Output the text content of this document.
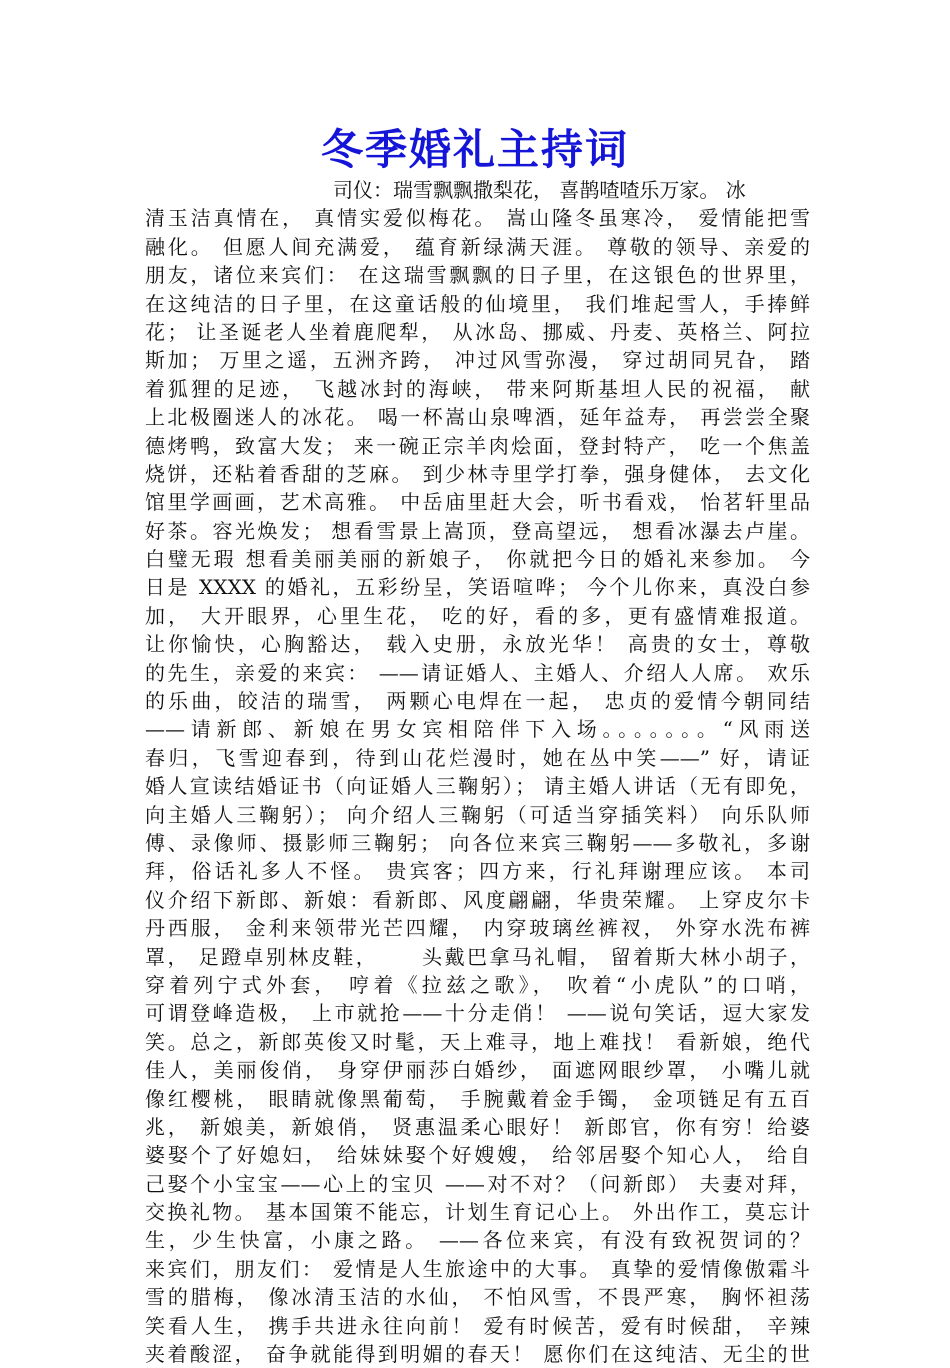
冬季婚礼主持词
司仪：瑞雪飘飘撒梨花， 喜鹊喳喳乐万家。 冰
清玉洁真情在， 真情实爱似梅花。 嵩山隆冬虽寒冷， 爱情能把雪
融化。 但愿人间充满爱， 蕴育新绿满天涯。 尊敬的领导、亲爱的
朋友，诸位来宾们： 在这瑞雪飘飘的日子里，在这银色的世界里，
在这纯洁的日子里，在这童话般的仙境里， 我们堆起雪人，手捧鲜
花； 让圣诞老人坐着鹿爬犁， 从冰岛、挪威、丹麦、英格兰、阿拉
斯加； 万里之遥，五洲齐跨， 冲过风雪弥漫， 穿过胡同旯旮， 踏
着狐狸的足迹， 飞越冰封的海峡， 带来阿斯基坦人民的祝福， 献
上北极圈迷人的冰花。 喝一杯嵩山泉啤酒，延年益寿， 再尝尝全聚
德烤鸭，致富大发； 来一碗正宗羊肉烩面，登封特产， 吃一个焦盖
烧饼，还粘着香甜的芝麻。 到少林寺里学打拳，强身健体， 去文化
馆里学画画，艺术高雅。 中岳庙里赶大会，听书看戏， 怡茗轩里品
好茶。容光焕发； 想看雪景上嵩顶，登高望远， 想看冰瀑去卢崖。
白璧无瑕 想看美丽美丽的新娘子， 你就把今日的婚礼来参加。 今
日是 XXXX 的婚礼，五彩纷呈，笑语喧哗； 今个儿你来，真没白参
加， 大开眼界，心里生花， 吃的好，看的多，更有盛情难报道。
让你愉快，心胸豁达， 载入史册，永放光华！ 高贵的女士，尊敬
的先生，亲爱的来宾： ——请证婚人、主婚人、介绍人人席。 欢乐
的乐曲，皎洁的瑞雪， 两颗心电焊在一起， 忠贞的爱情今朝同结
——请新郎、新娘在男女宾相陪伴下入场。。。。。。。“风雨送
春归，飞雪迎春到，待到山花烂漫时，她在丛中笑——” 好，请证
婚人宣读结婚证书（向证婚人三鞠躬）； 请主婚人讲话（无有即免，
向主婚人三鞠躬）； 向介绍人三鞠躬（可适当穿插笑料） 向乐队师
傅、录像师、摄影师三鞠躬； 向各位来宾三鞠躬——多敬礼，多谢
拜，俗话礼多人不怪。 贵宾客；四方来，行礼拜谢理应该。 本司
仪介绍下新郎、新娘：看新郎、风度翩翩，华贵荣耀。 上穿皮尔卡
丹西服， 金利来领带光芒四耀， 内穿玻璃丝裤衩， 外穿水洗布裤
罩， 足蹬卓别林皮鞋，     头戴巴拿马礼帽， 留着斯大林小胡子，
穿着列宁式外套， 哼着《拉兹之歌》， 吹着“小虎队”的口哨，
可谓登峰造极， 上市就抢——十分走俏！ ——说句笑话，逗大家发
笑。总之，新郎英俊又时髦，天上难寻，地上难找！ 看新娘，绝代
佳人，美丽俊俏， 身穿伊丽莎白婚纱， 面遮网眼纱罩， 小嘴儿就
像红樱桃， 眼睛就像黑葡萄， 手腕戴着金手镯， 金项链足有五百
兆， 新娘美，新娘俏， 贤惠温柔心眼好！ 新郎官，你有穷！给婆
婆娶个了好媳妇， 给妹妹娶个好嫂嫂， 给邻居娶个知心人， 给自
己娶个小宝宝——心上的宝贝 ——对不对？（问新郎） 夫妻对拜，
交换礼物。 基本国策不能忘，计划生育记心上。 外出作工，莫忘计
生，少生快富，小康之路。 ——各位来宾，有没有致祝贺词的？
来宾们，朋友们： 爱情是人生旅途中的大事。 真挚的爱情像傲霜斗
雪的腊梅， 像冰清玉洁的水仙， 不怕风雪，不畏严寒， 胸怀袒荡
笑看人生， 携手共进永往向前！ 爱有时候苦，爱有时候甜， 辛辣
夹着酸涩， 奋争就能得到明媚的春天！ 愿你们在这纯洁、无尘的世
